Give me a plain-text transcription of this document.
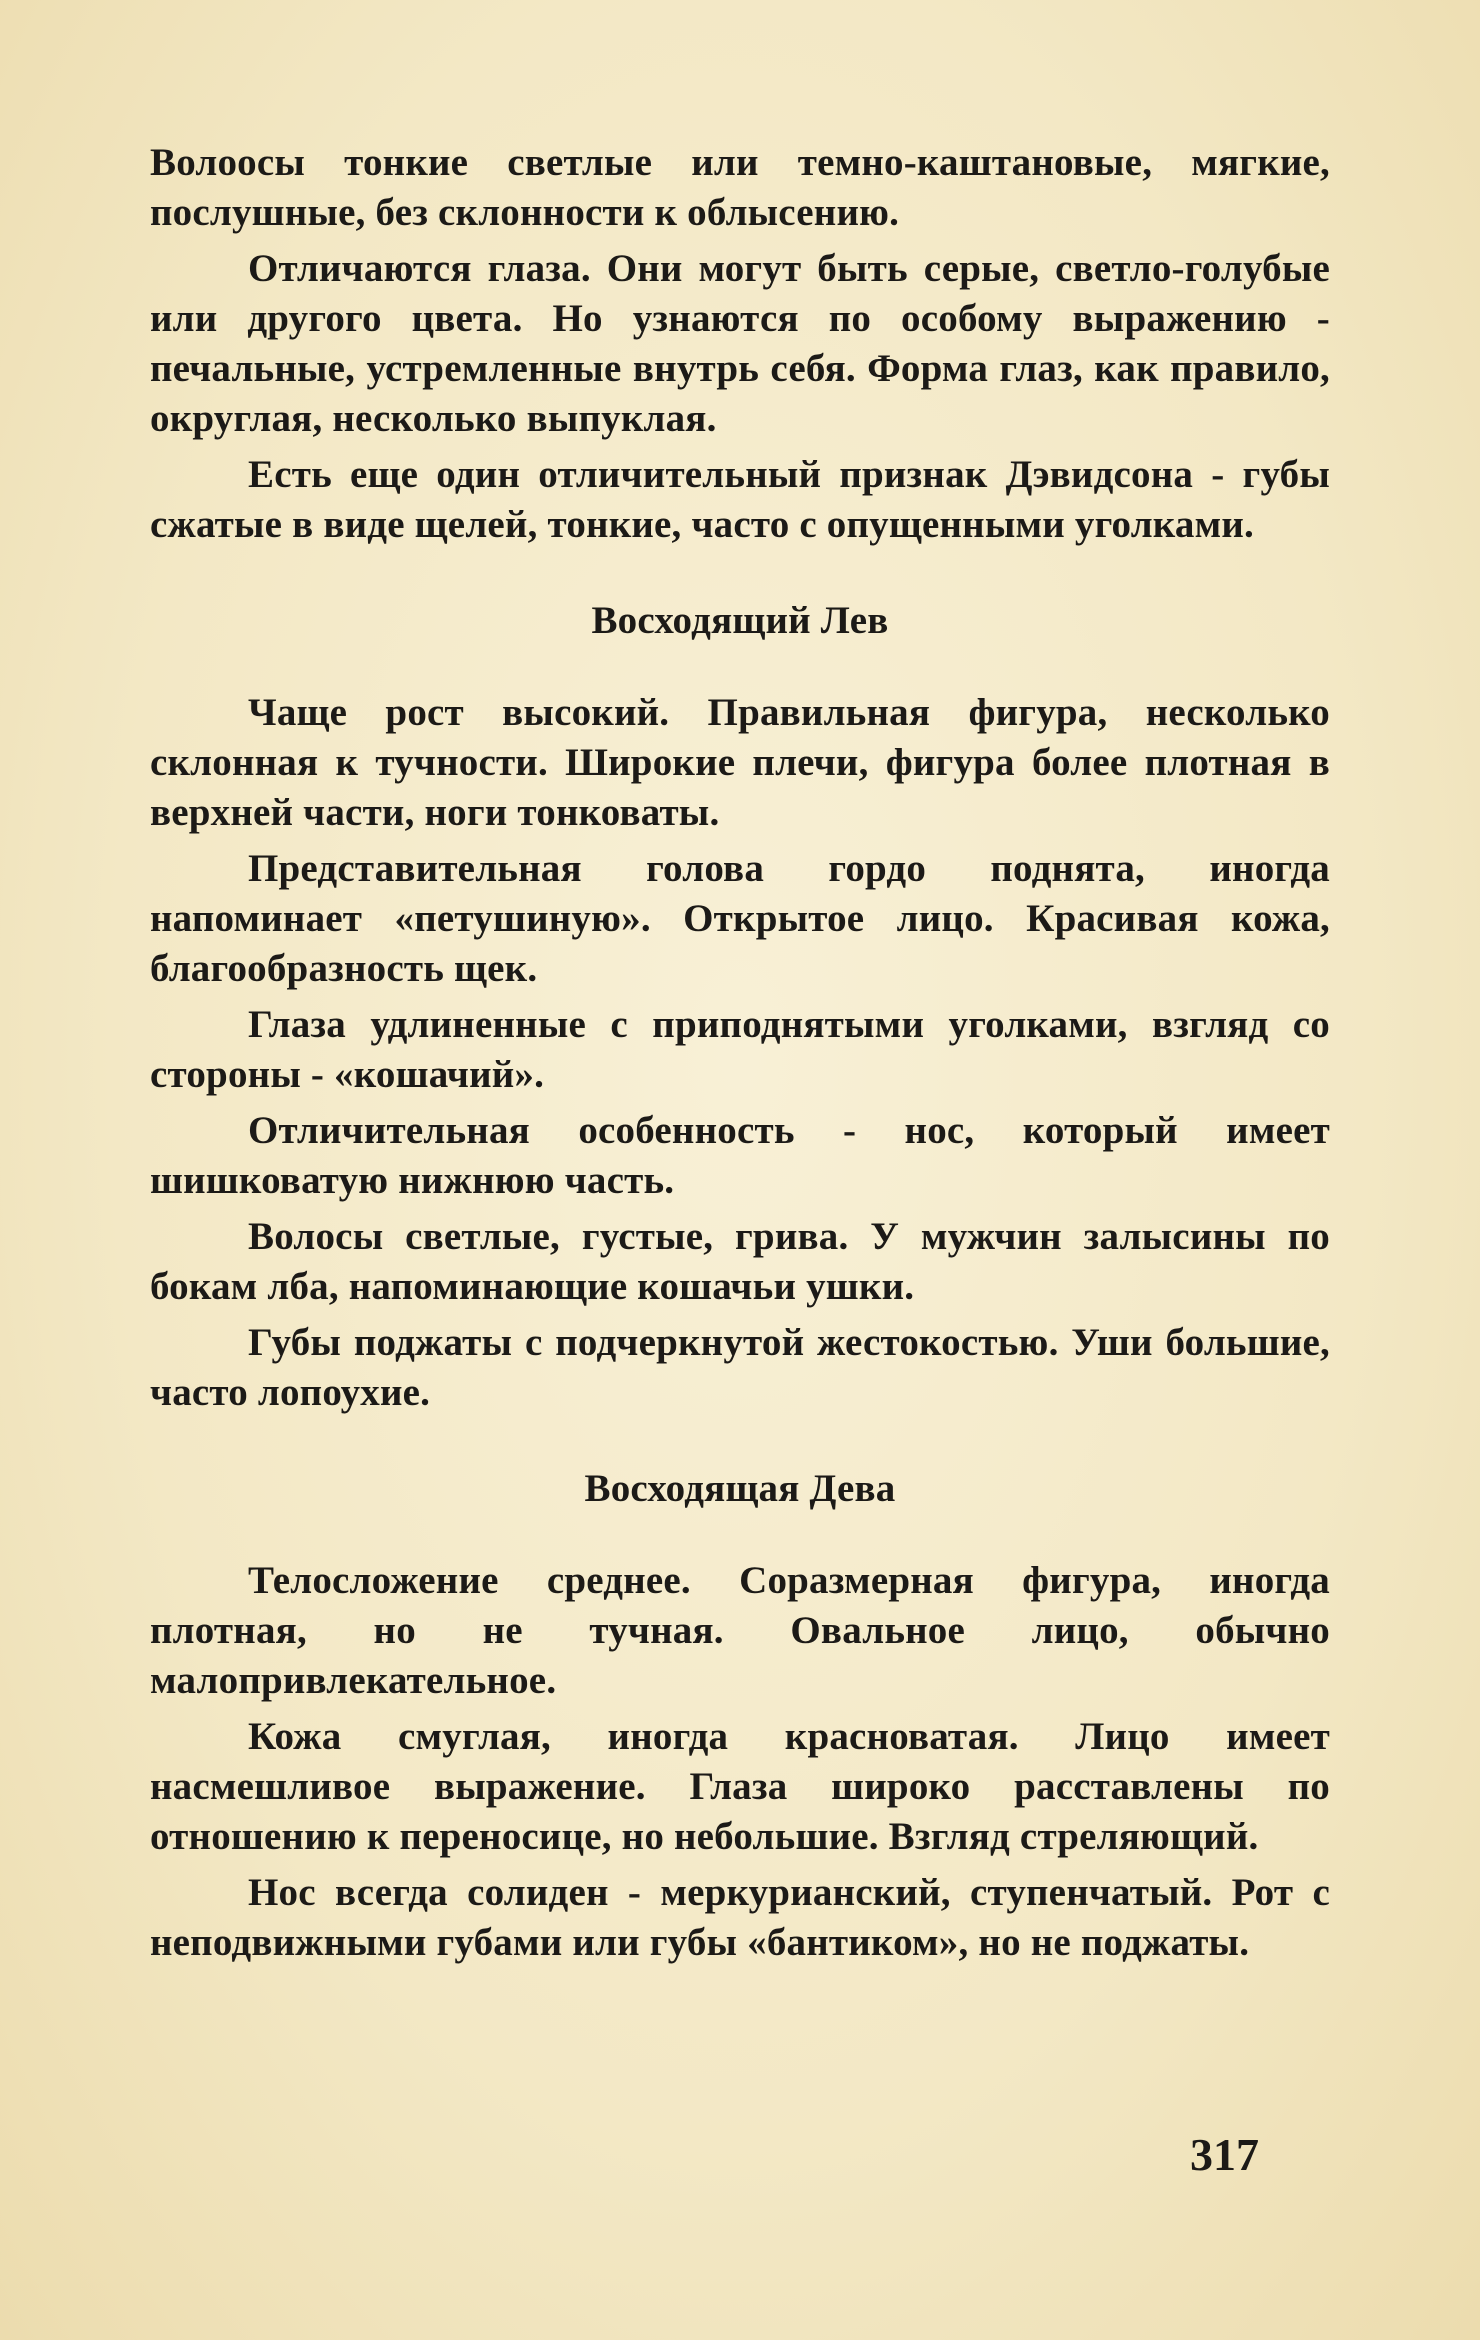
Волоосы тонкие светлые или темно-каштановые, мягкие, послушные, без склонности к облысению.

Отличаются глаза. Они могут быть серые, светло-голубые или другого цвета. Но узнаются по особому выражению - печальные, устремленные внутрь себя. Форма глаз, как правило, округлая, несколько выпуклая.

Есть еще один отличительный признак Дэвидсона - губы сжатые в виде щелей, тонкие, часто с опущенными уголками.

Восходящий Лев

Чаще рост высокий. Правильная фигура, несколько склонная к тучности. Широкие плечи, фигура более плотная в верхней части, ноги тонковаты.

Представительная голова гордо поднята, иногда напоминает «петушиную». Открытое лицо. Красивая кожа, благообразность щек.

Глаза удлиненные с приподнятыми уголками, взгляд со стороны - «кошачий».

Отличительная особенность - нос, который имеет шишковатую нижнюю часть.

Волосы светлые, густые, грива. У мужчин залысины по бокам лба, напоминающие кошачьи ушки.

Губы поджаты с подчеркнутой жестокостью. Уши большие, часто лопоухие.

Восходящая Дева

Телосложение среднее. Соразмерная фигура, иногда плотная, но не тучная. Овальное лицо, обычно малопривлекательное.

Кожа смуглая, иногда красноватая. Лицо имеет насмешливое выражение. Глаза широко расставлены по отношению к переносице, но небольшие. Взгляд стреляющий.

Нос всегда солиден - меркурианский, ступенчатый. Рот с неподвижными губами или губы «бантиком», но не поджаты.

317
